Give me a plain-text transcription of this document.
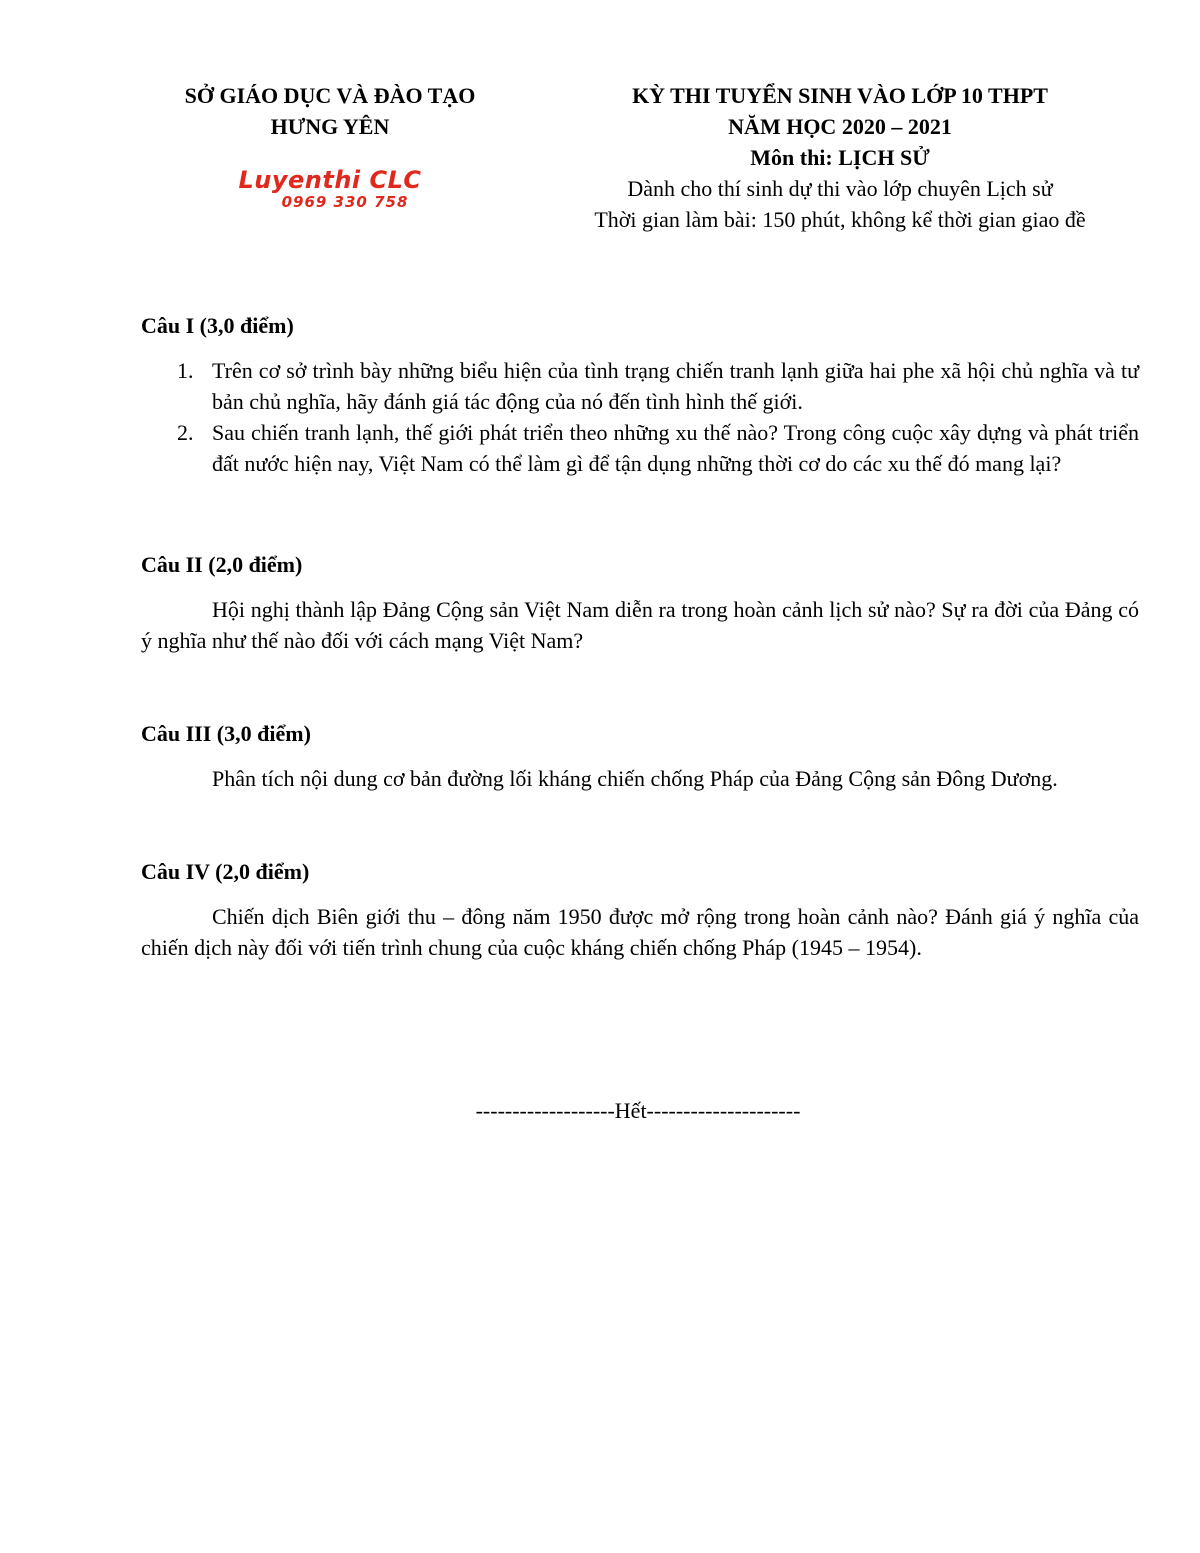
SỞ GIÁO DỤC VÀ ĐÀO TẠO
HƯNG YÊN
Luyenthi CLC
0969 330 758
KỲ THI TUYỂN SINH VÀO LỚP 10 THPT
NĂM HỌC 2020 – 2021
Môn thi: LỊCH SỬ
Dành cho thí sinh dự thi vào lớp chuyên Lịch sử
Thời gian làm bài: 150 phút, không kể thời gian giao đề

Câu I (3,0 điểm)

1. Trên cơ sở trình bày những biểu hiện của tình trạng chiến tranh lạnh giữa hai phe xã hội chủ nghĩa và tư bản chủ nghĩa, hãy đánh giá tác động của nó đến tình hình thế giới.
2. Sau chiến tranh lạnh, thế giới phát triển theo những xu thế nào? Trong công cuộc xây dựng và phát triển đất nước hiện nay, Việt Nam có thể làm gì để tận dụng những thời cơ do các xu thế đó mang lại?

Câu II (2,0 điểm)

Hội nghị thành lập Đảng Cộng sản Việt Nam diễn ra trong hoàn cảnh lịch sử nào? Sự ra đời của Đảng có ý nghĩa như thế nào đối với cách mạng Việt Nam?

Câu III (3,0 điểm)

Phân tích nội dung cơ bản đường lối kháng chiến chống Pháp của Đảng Cộng sản Đông Dương.

Câu IV (2,0 điểm)

Chiến dịch Biên giới thu – đông năm 1950 được mở rộng trong hoàn cảnh nào? Đánh giá ý nghĩa của chiến dịch này đối với tiến trình chung của cuộc kháng chiến chống Pháp (1945 – 1954).

-------------------Hết---------------------
